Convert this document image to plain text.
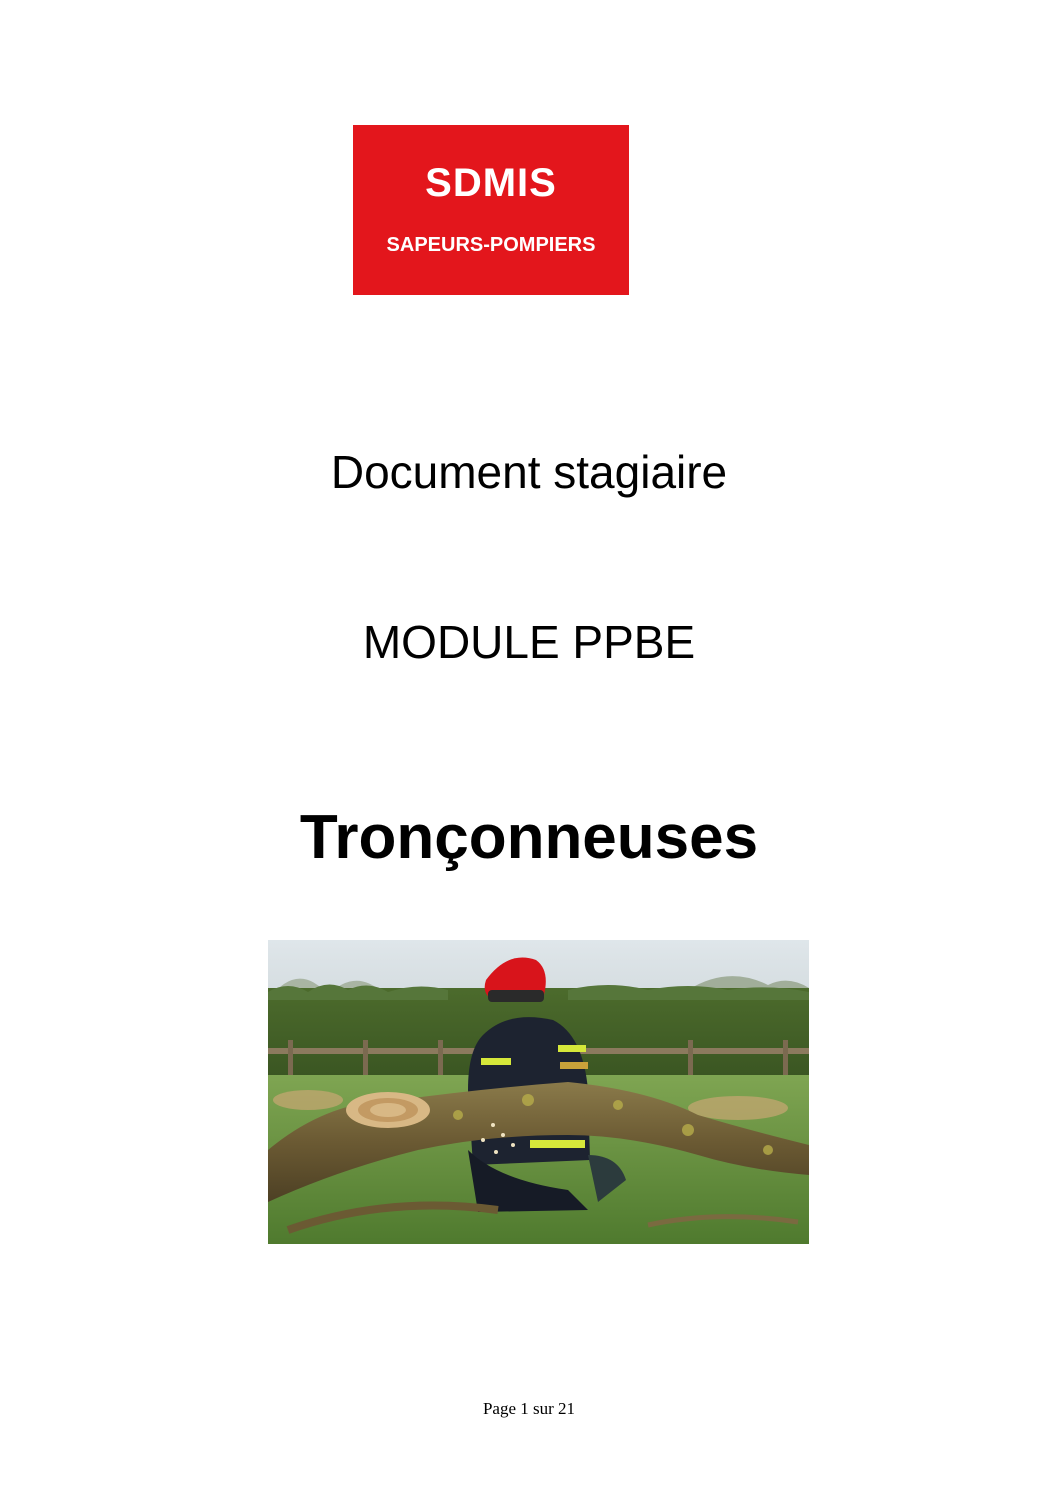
SDMIS
SAPEURS-POMPIERS
Document stagiaire
MODULE PPBE
Tronçonneuses
Page 1 sur 21
